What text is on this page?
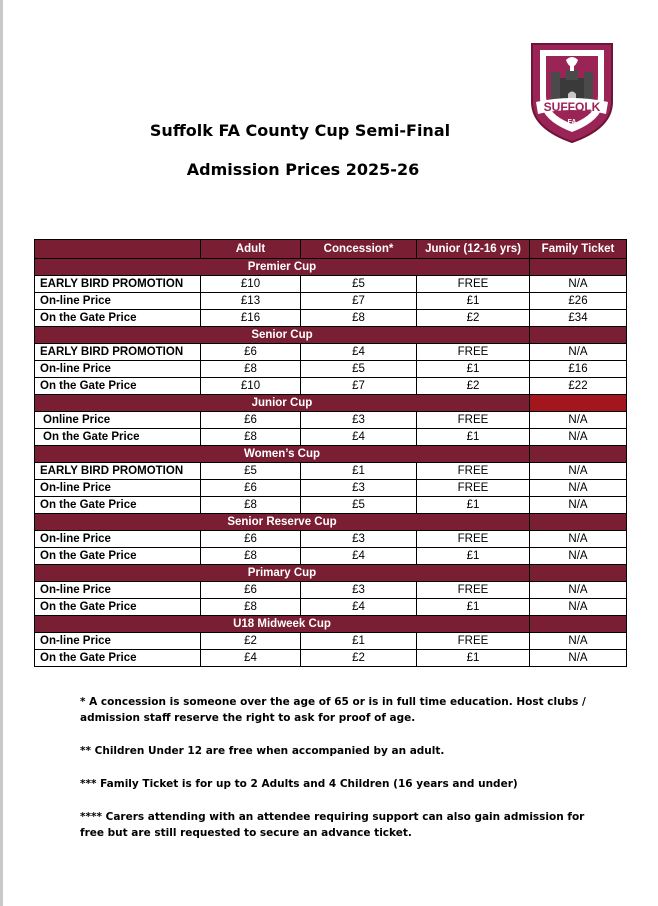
Suffolk FA County Cup Semi-Final
Admission Prices 2025-26
SUFFOLK
FA
	Adult	Concession*	Junior (12-16 yrs)	Family Ticket
Premier Cup				
EARLY BIRD PROMOTION	£10	£5	FREE	N/A
On-line Price	£13	£7	£1	£26
On the Gate Price	£16	£8	£2	£34
Senior Cup				
EARLY BIRD PROMOTION	£6	£4	FREE	N/A
On-line Price	£8	£5	£1	£16
On the Gate Price	£10	£7	£2	£22
Junior Cup				
Online Price	£6	£3	FREE	N/A
On the Gate Price	£8	£4	£1	N/A
Women’s Cup				
EARLY BIRD PROMOTION	£5	£1	FREE	N/A
On-line Price	£6	£3	FREE	N/A
On the Gate Price	£8	£5	£1	N/A
Senior Reserve Cup				
On-line Price	£6	£3	FREE	N/A
On the Gate Price	£8	£4	£1	N/A
Primary Cup				
On-line Price	£6	£3	FREE	N/A
On the Gate Price	£8	£4	£1	N/A
U18 Midweek Cup				
On-line Price	£2	£1	FREE	N/A
On the Gate Price	£4	£2	£1	N/A

* A concession is someone over the age of 65 or is in full time education. Host clubs / admission staff reserve the right to ask for proof of age.

** Children Under 12 are free when accompanied by an adult.

*** Family Ticket is for up to 2 Adults and 4 Children (16 years and under)

**** Carers attending with an attendee requiring support can also gain admission for free but are still requested to secure an advance ticket.
